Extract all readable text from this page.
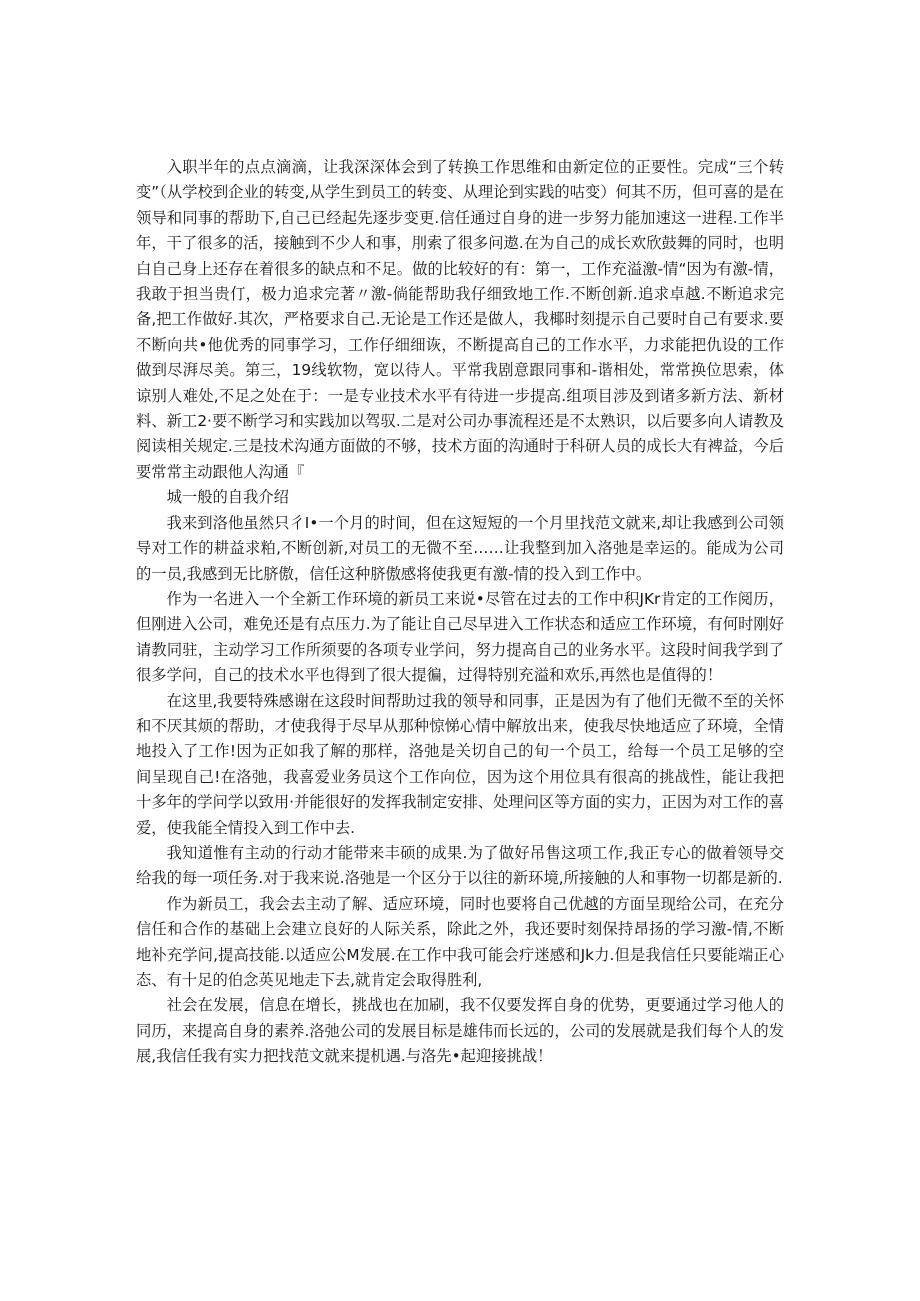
入职半年的点点滴滴，让我深深体会到了转换工作思维和由新定位的正要性。完成“三个转变”（从学校到企业的转变,从学生到员工的转变、从理论到实践的咕变）何其不历，但可喜的是在领导和同事的帮助下,自己已经起先逐步变更.信任通过自身的进一步努力能加速这一进程.工作半年，干了很多的活，接触到不少人和事，刖索了很多问遨.在为自己的成长欢欣鼓舞的同时，也明白自己身上还存在着很多的缺点和不足。做的比较好的有：第一，工作充溢激-情“因为有激-情，我敢于担当贵仃，极力追求完著〃激-倘能帮助我仔细致地工作.不断创新.追求卓越.不断追求完备,把工作做好.其次，严格要求自己.无论是工作还是做人，我椰时刻提示自己要时自己有要求.要不断向共•他优秀的同事学习，工作仔细细诙，不断提高自己的工作水平，力求能把仇设的工作做到尽湃尽美。第三，19线软物，宽以待人。平常我剧意跟同事和-谐相处，常常换位思索，体谅别人难处,不足之处在于：一是专业技术水平有待进一步提高.组项目涉及到诸多新方法、新材料、新工2·要不断学习和实践加以驾驭.二是对公司办事流程还是不太熟识，以后要多向人请教及阅读相关规定.三是技术沟通方面做的不够，技术方面的沟通时于科研人员的成长大有裨益，今后要常常主动跟他人沟通『

城一般的自我介绍

我来到洛他虽然只彳I•一个月的时间，但在这短短的一个月里找范文就来,却让我感到公司领导对工作的耕益求粕,不断创新,对员工的无微不至……让我整到加入洛弛是幸运的。能成为公司的一员,我感到无比脐傲，信任这种脐傲感将使我更有激-情的投入到工作中。

作为一名进入一个全新工作环境的新员工来说•尽管在过去的工作中积JKr肯定的工作阅历，但刚进入公司，难免还是有点压力.为了能让自己尽早进入工作状态和适应工作环境，有何时刚好请教同驻，主动学习工作所须要的各项专业学问，努力提高自己的业务水平。这段时间我学到了很多学问，自己的技术水平也得到了很大提徧，过得特别充溢和欢乐,再然也是值得的！

在这里,我要特殊感谢在这段时间帮助过我的领导和同事，正是因为有了他们无微不至的关怀和不厌其烦的帮助，才使我得于尽早从那种惊悌心情中解放出来，使我尽快地适应了环境，全情地投入了工作!因为正如我了解的那样，洛弛是关切自己的旬一个员工，给每一个员工足够的空间呈现自己!在洛弛，我喜爱业务员这个工作向位，因为这个用位具有很高的挑战性，能让我把十多年的学问学以致用·并能很好的发挥我制定安排、处理问区等方面的实力，正因为对工作的喜爱，使我能全情投入到工作中去.

我知道惟有主动的行动才能带来丰硕的成果.为了做好吊售这项工作,我正专心的做着领导交给我的每一项任务.对于我来说.洛弛是一个区分于以往的新环境,所接触的人和事物一切都是新的.

作为新员工，我会去主动了解、适应环境，同时也要将自己优越的方面呈现给公司，在充分信任和合作的基础上会建立良好的人际关系，除此之外，我还要时刻保持昂扬的学习激-情,不断地补充学问,提高技能.以适应公M发展.在工作中我可能会疔迷感和Jk力.但是我信任只要能端正心态、有十足的伯念英见地走下去,就肯定会取得胜利,

社会在发展，信息在增长，挑战也在加刷，我不仅要发挥自身的优势，更要通过学习他人的同历，来提高自身的素养.洛弛公司的发展目标是雄伟而长远的，公司的发展就是我们每个人的发展,我信任我有实力把找范文就来提机遇.与洛先•起迎接挑战！
